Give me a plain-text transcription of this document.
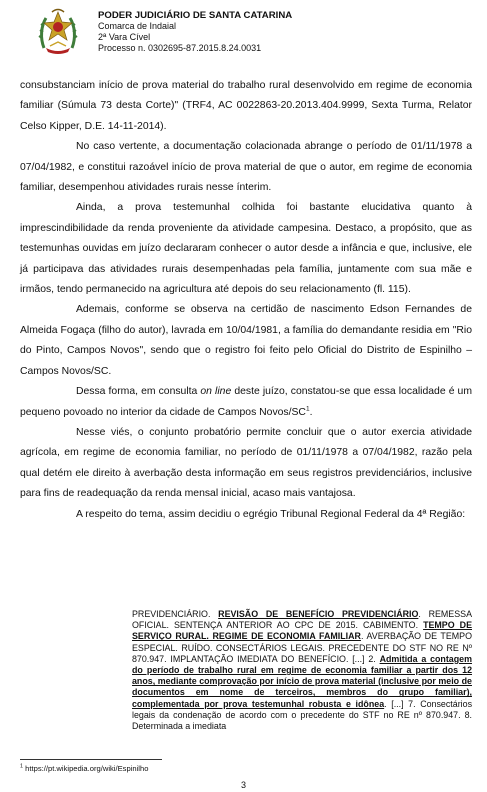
PODER JUDICIÁRIO DE SANTA CATARINA
Comarca de Indaial
2ª Vara Cível
Processo n. 0302695-87.2015.8.24.0031

consubstanciam início de prova material do trabalho rural desenvolvido em regime de economia familiar (Súmula 73 desta Corte)" (TRF4, AC 0022863-20.2013.404.9999, Sexta Turma, Relator Celso Kipper, D.E. 14-11-2014).

No caso vertente, a documentação colacionada abrange o período de 01/11/1978 a 07/04/1982, e constitui razoável início de prova material de que o autor, em regime de economia familiar, desempenhou atividades rurais nesse ínterim.

Ainda, a prova testemunhal colhida foi bastante elucidativa quanto à imprescindibilidade da renda proveniente da atividade campesina. Destaco, a propósito, que as testemunhas ouvidas em juízo declararam conhecer o autor desde a infância e que, inclusive, ele já participava das atividades rurais desempenhadas pela família, juntamente com sua mãe e irmãos, tendo permanecido na agricultura até depois do seu relacionamento (fl. 115).

Ademais, conforme se observa na certidão de nascimento Edson Fernandes de Almeida Fogaça (filho do autor), lavrada em 10/04/1981, a família do demandante residia em "Rio do Pinto, Campos Novos", sendo que o registro foi feito pelo Oficial do Distrito de Espinilho – Campos Novos/SC.

Dessa forma, em consulta on line deste juízo, constatou-se que essa localidade é um pequeno povoado no interior da cidade de Campos Novos/$SC^1$.

Nesse viés, o conjunto probatório permite concluir que o autor exercia atividade agrícola, em regime de economia familiar, no período de 01/11/1978 a 07/04/1982, razão pela qual detém ele direito à averbação desta informação em seus registros previdenciários, inclusive para fins de readequação da renda mensal inicial, acaso mais vantajosa.

A respeito do tema, assim decidiu o egrégio Tribunal Regional Federal da 4ª Região:

PREVIDENCIÁRIO. REVISÃO DE BENEFÍCIO PREVIDENCIÁRIO. REMESSA OFICIAL. SENTENÇA ANTERIOR AO CPC DE 2015. CABIMENTO. TEMPO DE SERVIÇO RURAL. REGIME DE ECONOMIA FAMILIAR. AVERBAÇÃO DE TEMPO ESPECIAL. RUÍDO. CONSECTÁRIOS LEGAIS. PRECEDENTE DO STF NO RE Nº 870.947. IMPLANTAÇÃO IMEDIATA DO BENEFÍCIO. [...] 2. Admitida a contagem do período de trabalho rural em regime de economia familiar a partir dos 12 anos, mediante comprovação por início de prova material (inclusive por meio de documentos em nome de terceiros, membros do grupo familiar), complementada por prova testemunhal robusta e idônea. [...] 7. Consectários legais da condenação de acordo com o precedente do STF no RE nº 870.947. 8. Determinada a imediata

$^1$ https://pt.wikipedia.org/wiki/Espinilho
3
